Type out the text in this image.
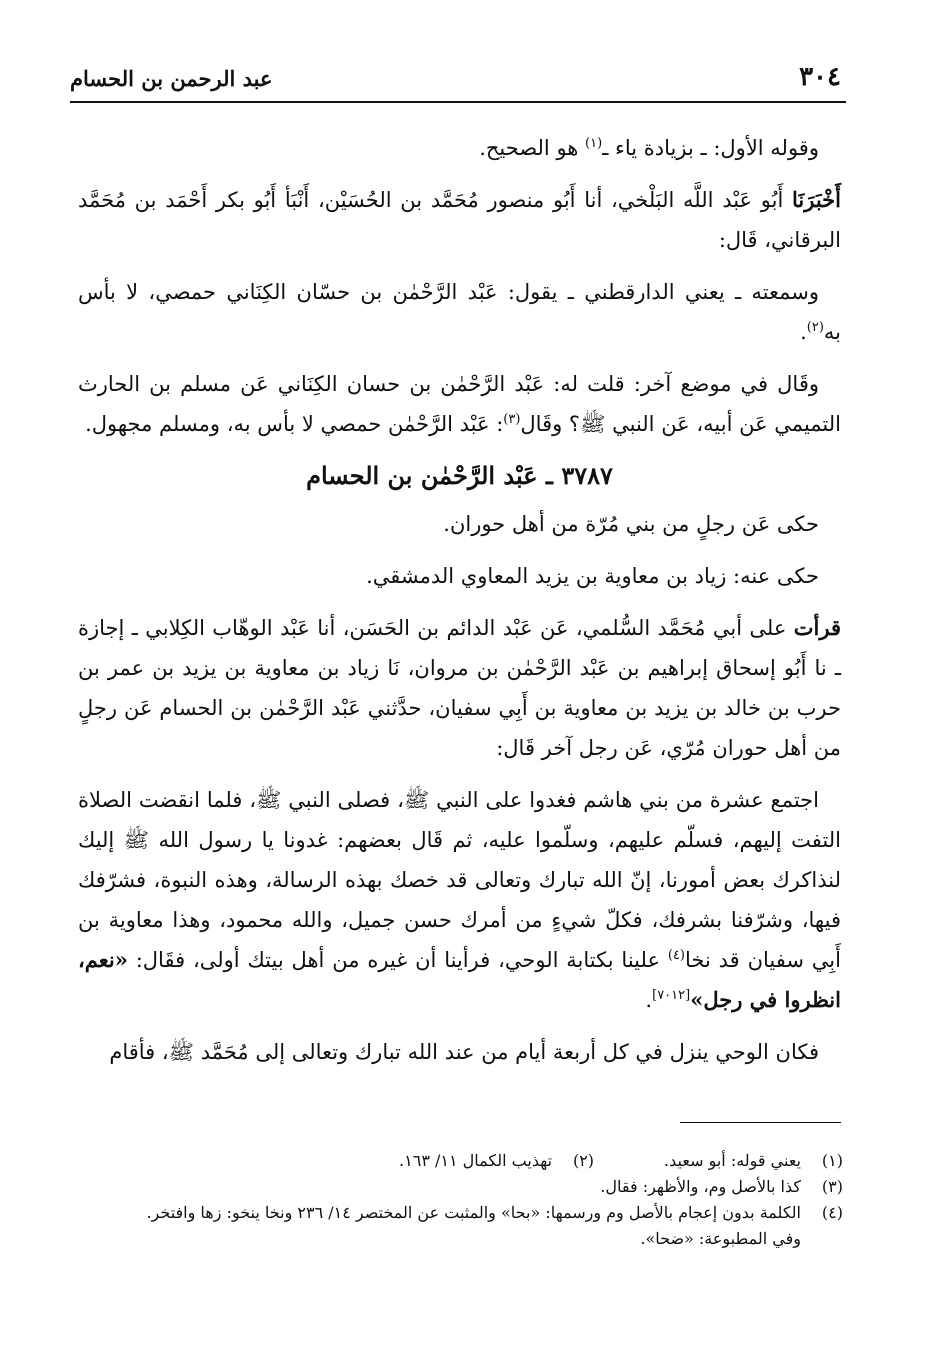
٣٠٤
عبد الرحمن بن الحسام

وقوله الأول: ـ بزيادة ياء ـ$^{(١)}$ هو الصحيح.

أَخْبَرَنَا أَبُو عَبْد اللَّه البَلْخي، أنا أَبُو منصور مُحَمَّد بن الحُسَيْن، أَنْبَأ أَبُو بكر أَحْمَد بن مُحَمَّد البرقاني، قَال:

وسمعته ـ يعني الدارقطني ـ يقول: عَبْد الرَّحْمٰن بن حسّان الكِنَاني حمصي، لا بأس به$^{(٢)}$.

وقَال في موضع آخر: قلت له: عَبْد الرَّحْمٰن بن حسان الكِنَاني عَن مسلم بن الحارث التميمي عَن أبيه، عَن النبي ﷺ؟ وقَال$^{(٣)}$: عَبْد الرَّحْمٰن حمصي لا بأس به، ومسلم مجهول.

٣٧٨٧ ـ عَبْد الرَّحْمٰن بن الحسام

حكى عَن رجلٍ من بني مُرّة من أهل حوران.

حكى عنه: زياد بن معاوية بن يزيد المعاوي الدمشقي.

قرأت على أبي مُحَمَّد السُّلمي، عَن عَبْد الدائم بن الحَسَن، أنا عَبْد الوهّاب الكِلابي ـ إجازة ـ نا أَبُو إسحاق إبراهيم بن عَبْد الرَّحْمٰن بن مروان، نَا زياد بن معاوية بن يزيد بن عمر بن حرب بن خالد بن يزيد بن معاوية بن أَبِي سفيان، حدَّثني عَبْد الرَّحْمٰن بن الحسام عَن رجلٍ من أهل حوران مُرّي، عَن رجل آخر قَال:

اجتمع عشرة من بني هاشم فغدوا على النبي ﷺ، فصلى النبي ﷺ، فلما انقضت الصلاة التفت إليهم، فسلّم عليهم، وسلّموا عليه، ثم قَال بعضهم: غدونا يا رسول الله ﷺ إليك لنذاكرك بعض أمورنا، إنّ الله تبارك وتعالى قد خصك بهذه الرسالة، وهذه النبوة، فشرّفك فيها، وشرّفنا بشرفك، فكلّ شيءٍ من أمرك حسن جميل، والله محمود، وهذا معاوية بن أَبِي سفيان قد نخا$^{(٤)}$ علينا بكتابة الوحي، فرأينا أن غيره من أهل بيتك أولى، فقَال: «نعم، انظروا في رجل»[٧٠١٢].

فكان الوحي ينزل في كل أربعة أيام من عند الله تبارك وتعالى إلى مُحَمَّد ﷺ، فأقام

(١)
يعني قوله: أبو سعيد.
(٢)
تهذيب الكمال ١١/ ١٦٣.
(٣)
كذا بالأصل وم، والأظهر: فقال.
(٤)
الكلمة بدون إعجام بالأصل وم ورسمها: «بحا» والمثبت عن المختصر ١٤/ ٢٣٦ ونخا ينخو: زها وافتخر.
وفي المطبوعة: «ضحا».
